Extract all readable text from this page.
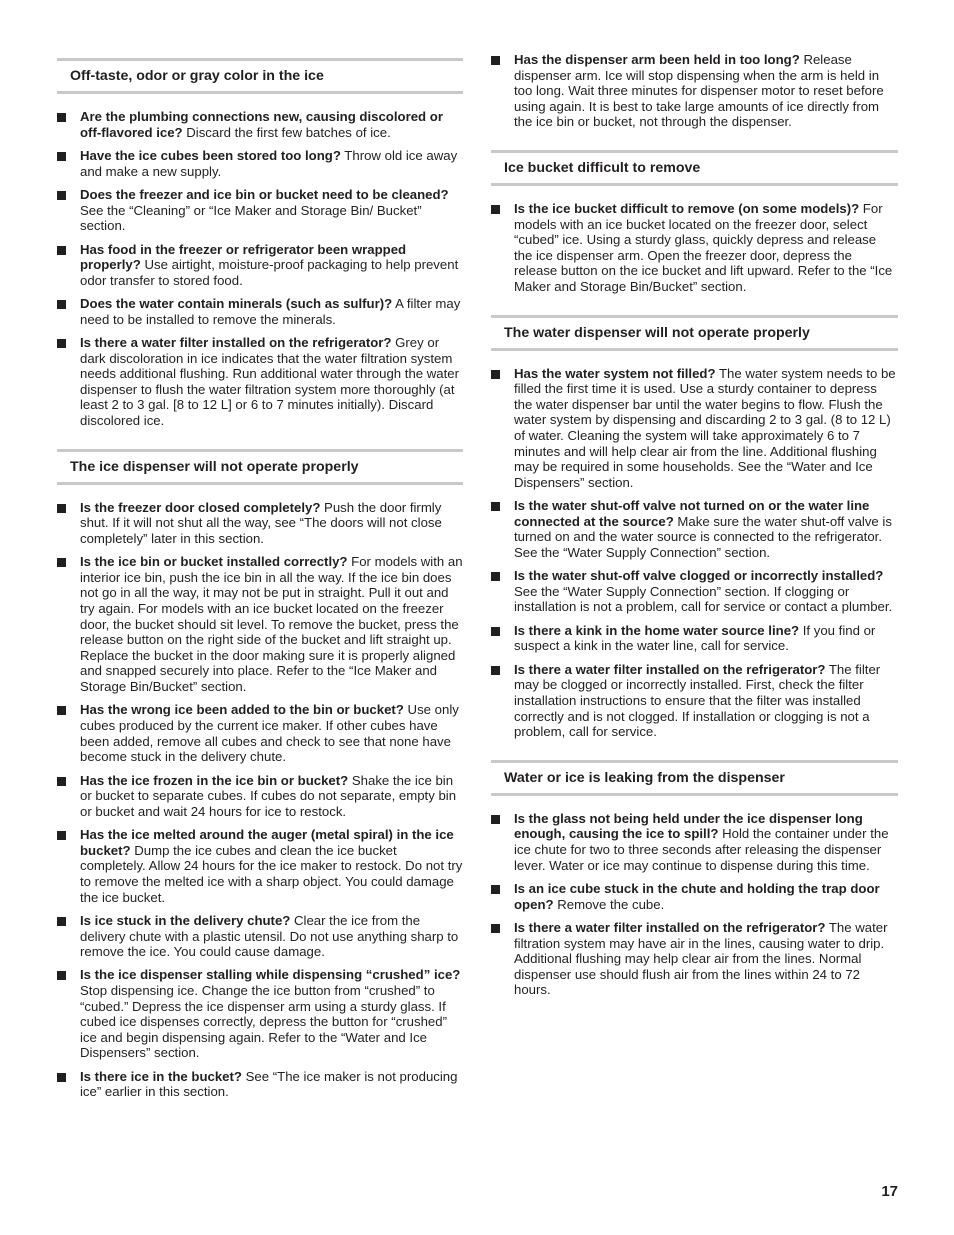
Off-taste, odor or gray color in the ice
Are the plumbing connections new, causing discolored or off-flavored ice? Discard the first few batches of ice.
Have the ice cubes been stored too long? Throw old ice away and make a new supply.
Does the freezer and ice bin or bucket need to be cleaned? See the “Cleaning” or “Ice Maker and Storage Bin/ Bucket” section.
Has food in the freezer or refrigerator been wrapped properly? Use airtight, moisture-proof packaging to help prevent odor transfer to stored food.
Does the water contain minerals (such as sulfur)? A filter may need to be installed to remove the minerals.
Is there a water filter installed on the refrigerator? Grey or dark discoloration in ice indicates that the water filtration system needs additional flushing. Run additional water through the water dispenser to flush the water filtration system more thoroughly (at least 2 to 3 gal. [8 to 12 L] or 6 to 7 minutes initially). Discard discolored ice.
The ice dispenser will not operate properly
Is the freezer door closed completely? Push the door firmly shut. If it will not shut all the way, see “The doors will not close completely” later in this section.
Is the ice bin or bucket installed correctly? For models with an interior ice bin, push the ice bin in all the way. If the ice bin does not go in all the way, it may not be put in straight. Pull it out and try again. For models with an ice bucket located on the freezer door, the bucket should sit level. To remove the bucket, press the release button on the right side of the bucket and lift straight up. Replace the bucket in the door making sure it is properly aligned and snapped securely into place. Refer to the “Ice Maker and Storage Bin/Bucket” section.
Has the wrong ice been added to the bin or bucket? Use only cubes produced by the current ice maker. If other cubes have been added, remove all cubes and check to see that none have become stuck in the delivery chute.
Has the ice frozen in the ice bin or bucket? Shake the ice bin or bucket to separate cubes. If cubes do not separate, empty bin or bucket and wait 24 hours for ice to restock.
Has the ice melted around the auger (metal spiral) in the ice bucket? Dump the ice cubes and clean the ice bucket completely. Allow 24 hours for the ice maker to restock. Do not try to remove the melted ice with a sharp object. You could damage the ice bucket.
Is ice stuck in the delivery chute? Clear the ice from the delivery chute with a plastic utensil. Do not use anything sharp to remove the ice. You could cause damage.
Is the ice dispenser stalling while dispensing “crushed” ice? Stop dispensing ice. Change the ice button from “crushed” to “cubed.” Depress the ice dispenser arm using a sturdy glass. If cubed ice dispenses correctly, depress the button for “crushed” ice and begin dispensing again. Refer to the “Water and Ice Dispensers” section.
Is there ice in the bucket? See “The ice maker is not producing ice” earlier in this section.
Has the dispenser arm been held in too long? Release dispenser arm. Ice will stop dispensing when the arm is held in too long. Wait three minutes for dispenser motor to reset before using again. It is best to take large amounts of ice directly from the ice bin or bucket, not through the dispenser.
Ice bucket difficult to remove
Is the ice bucket difficult to remove (on some models)? For models with an ice bucket located on the freezer door, select “cubed” ice. Using a sturdy glass, quickly depress and release the ice dispenser arm. Open the freezer door, depress the release button on the ice bucket and lift upward. Refer to the “Ice Maker and Storage Bin/Bucket” section.
The water dispenser will not operate properly
Has the water system not filled? The water system needs to be filled the first time it is used. Use a sturdy container to depress the water dispenser bar until the water begins to flow. Flush the water system by dispensing and discarding 2 to 3 gal. (8 to 12 L) of water. Cleaning the system will take approximately 6 to 7 minutes and will help clear air from the line. Additional flushing may be required in some households. See the “Water and Ice Dispensers” section.
Is the water shut-off valve not turned on or the water line connected at the source? Make sure the water shut-off valve is turned on and the water source is connected to the refrigerator. See the “Water Supply Connection” section.
Is the water shut-off valve clogged or incorrectly installed? See the “Water Supply Connection” section. If clogging or installation is not a problem, call for service or contact a plumber.
Is there a kink in the home water source line? If you find or suspect a kink in the water line, call for service.
Is there a water filter installed on the refrigerator? The filter may be clogged or incorrectly installed. First, check the filter installation instructions to ensure that the filter was installed correctly and is not clogged. If installation or clogging is not a problem, call for service.
Water or ice is leaking from the dispenser
Is the glass not being held under the ice dispenser long enough, causing the ice to spill? Hold the container under the ice chute for two to three seconds after releasing the dispenser lever. Water or ice may continue to dispense during this time.
Is an ice cube stuck in the chute and holding the trap door open? Remove the cube.
Is there a water filter installed on the refrigerator? The water filtration system may have air in the lines, causing water to drip. Additional flushing may help clear air from the lines. Normal dispenser use should flush air from the lines within 24 to 72 hours.
17
